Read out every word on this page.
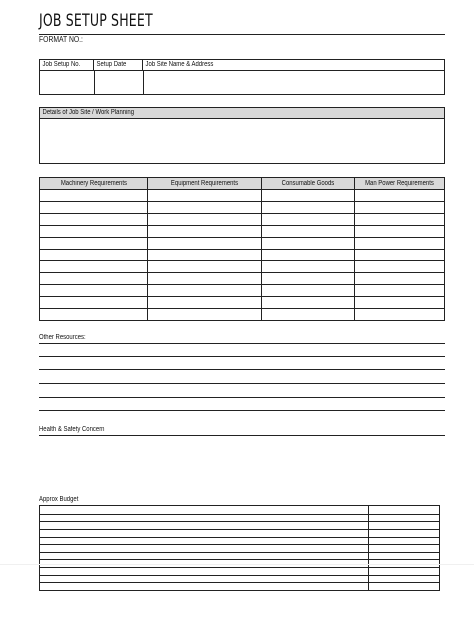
JOB SETUP SHEET
FORMAT NO.:
Job Setup No.	Setup Date	Job Site Name & Address
Details of Job Site / Work Planning
Machinery Requirements	Equipment Requirements	Consumable Goods	Man Power Requirements
Other Resources:
Health & Safety Concern
Approx Budget
